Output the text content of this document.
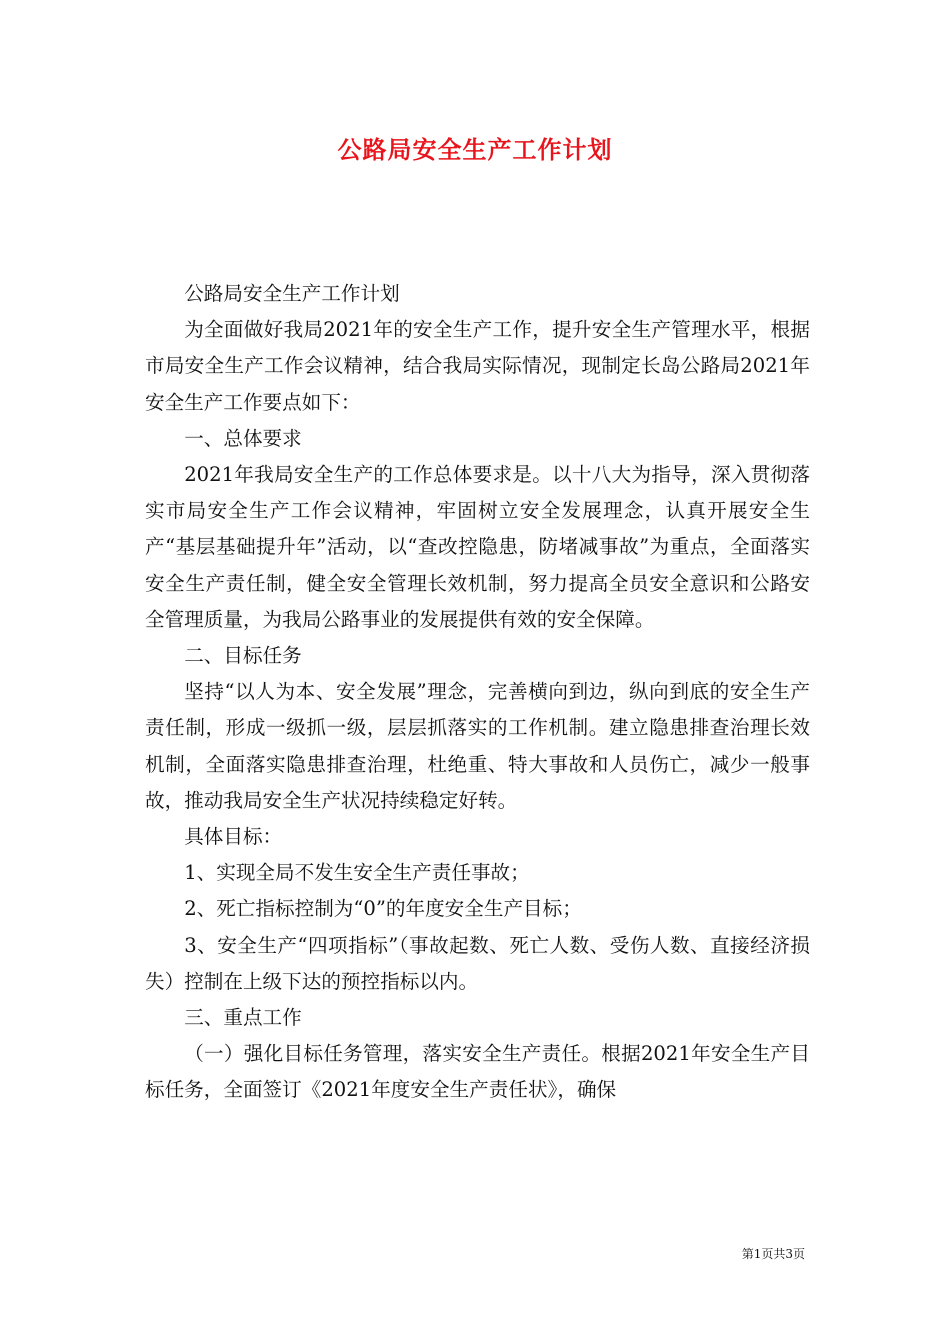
公路局安全生产工作计划

公路局安全生产工作计划

为全面做好我局2021年的安全生产工作，提升安全生产管理水平，根据市局安全生产工作会议精神，结合我局实际情况，现制定长岛公路局2021年安全生产工作要点如下：

一、总体要求

2021年我局安全生产的工作总体要求是。以十八大为指导，深入贯彻落实市局安全生产工作会议精神，牢固树立安全发展理念，认真开展安全生产“基层基础提升年”活动，以“查改控隐患，防堵减事故”为重点，全面落实安全生产责任制，健全安全管理长效机制，努力提高全员安全意识和公路安全管理质量，为我局公路事业的发展提供有效的安全保障。

二、目标任务

坚持“以人为本、安全发展”理念，完善横向到边，纵向到底的安全生产责任制，形成一级抓一级，层层抓落实的工作机制。建立隐患排查治理长效机制，全面落实隐患排查治理，杜绝重、特大事故和人员伤亡，减少一般事故，推动我局安全生产状况持续稳定好转。

具体目标：

1、实现全局不发生安全生产责任事故；

2、死亡指标控制为“0”的年度安全生产目标；

3、安全生产“四项指标”（事故起数、死亡人数、受伤人数、直接经济损失）控制在上级下达的预控指标以内。

三、重点工作

（一）强化目标任务管理，落实安全生产责任。根据2021年安全生产目标任务，全面签订《2021年度安全生产责任状》，确保

第1页共3页
